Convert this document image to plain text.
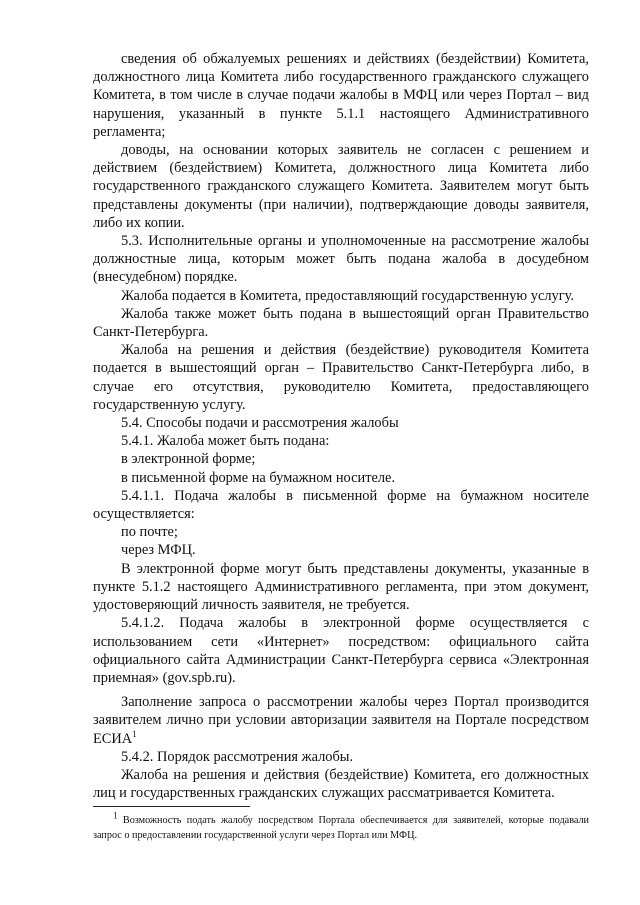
сведения об обжалуемых решениях и действиях (бездействии) Комитета, должностного лица Комитета либо государственного гражданского служащего Комитета, в том числе в случае подачи жалобы в МФЦ или через Портал – вид нарушения, указанный в пункте 5.1.1 настоящего Административного регламента;

доводы, на основании которых заявитель не согласен с решением и действием (бездействием) Комитета, должностного лица Комитета либо государственного гражданского служащего Комитета. Заявителем могут быть представлены документы (при наличии), подтверждающие доводы заявителя, либо их копии.

5.3. Исполнительные органы и уполномоченные на рассмотрение жалобы должностные лица, которым может быть подана жалоба в досудебном (внесудебном) порядке.

Жалоба подается в Комитета, предоставляющий государственную услугу.

Жалоба также может быть подана в вышестоящий орган Правительство Санкт-Петербурга.

Жалоба на решения и действия (бездействие) руководителя Комитета подается в вышестоящий орган – Правительство Санкт-Петербурга либо, в случае его отсутствия, руководителю Комитета, предоставляющего государственную услугу.

5.4. Способы подачи и рассмотрения жалобы

5.4.1. Жалоба может быть подана:

в электронной форме;

в письменной форме на бумажном носителе.

5.4.1.1. Подача жалобы в письменной форме на бумажном носителе осуществляется:

по почте;

через МФЦ.

В электронной форме могут быть представлены документы, указанные в пункте 5.1.2 настоящего Административного регламента, при этом документ, удостоверяющий личность заявителя, не требуется.

5.4.1.2. Подача жалобы в электронной форме осуществляется с использованием сети «Интернет» посредством: официального сайта официального сайта Администрации Санкт-Петербурга сервиса «Электронная приемная» (gov.spb.ru).

Заполнение запроса о рассмотрении жалобы через Портал производится заявителем лично при условии авторизации заявителя на Портале посредством ЕСИА$^1$

5.4.2. Порядок рассмотрения жалобы.

Жалоба на решения и действия (бездействие) Комитета, его должностных лиц и государственных гражданских служащих рассматривается Комитета.

$^1$ Возможность подать жалобу посредством Портала обеспечивается для заявителей, которые подавали запрос о предоставлении государственной услуги через Портал или МФЦ.
